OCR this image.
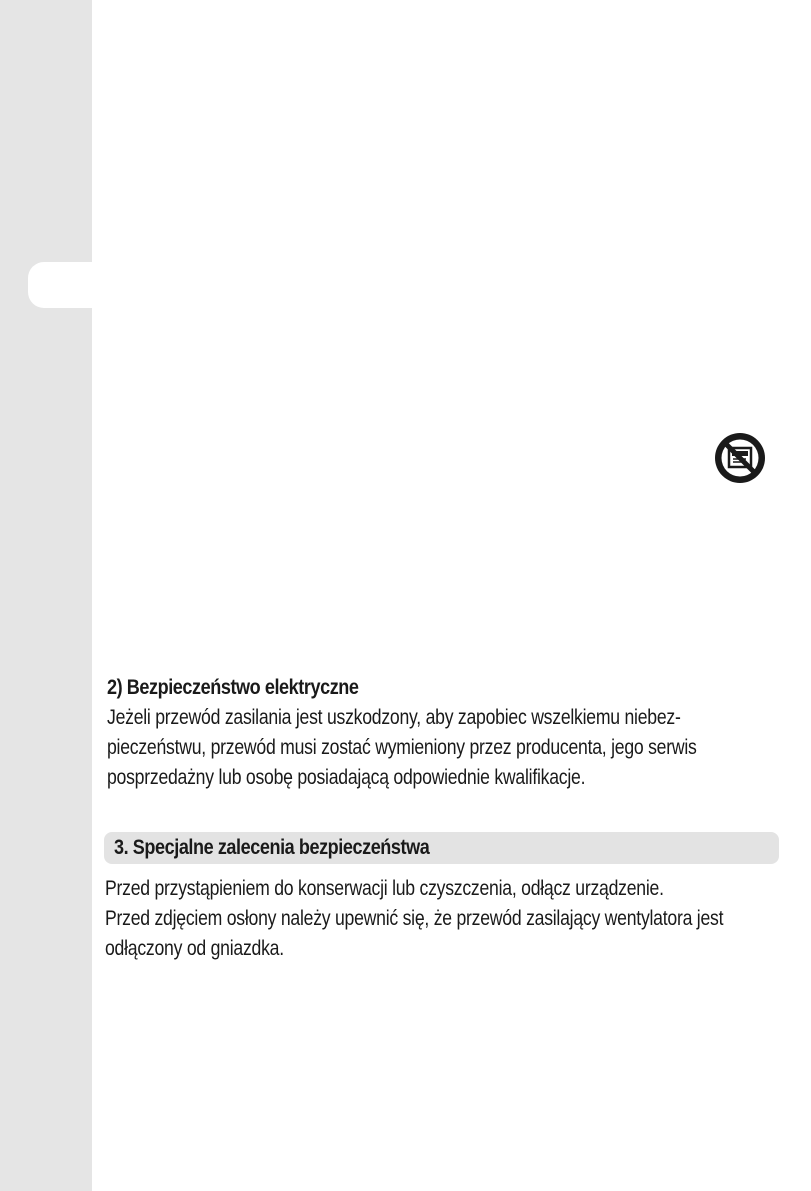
2) Bezpieczeństwo elektryczne

Jeżeli przewód zasilania jest uszkodzony, aby zapobiec wszelkiemu niebez-

pieczeństwu, przewód musi zostać wymieniony przez producenta, jego serwis

posprzedażny lub osobę posiadającą odpowiednie kwalifikacje.

3. Specjalne zalecenia bezpieczeństwa

Przed przystąpieniem do konserwacji lub czyszczenia, odłącz urządzenie.

Przed zdjęciem osłony należy upewnić się, że przewód zasilający wentylatora jest

odłączony od gniazdka.
